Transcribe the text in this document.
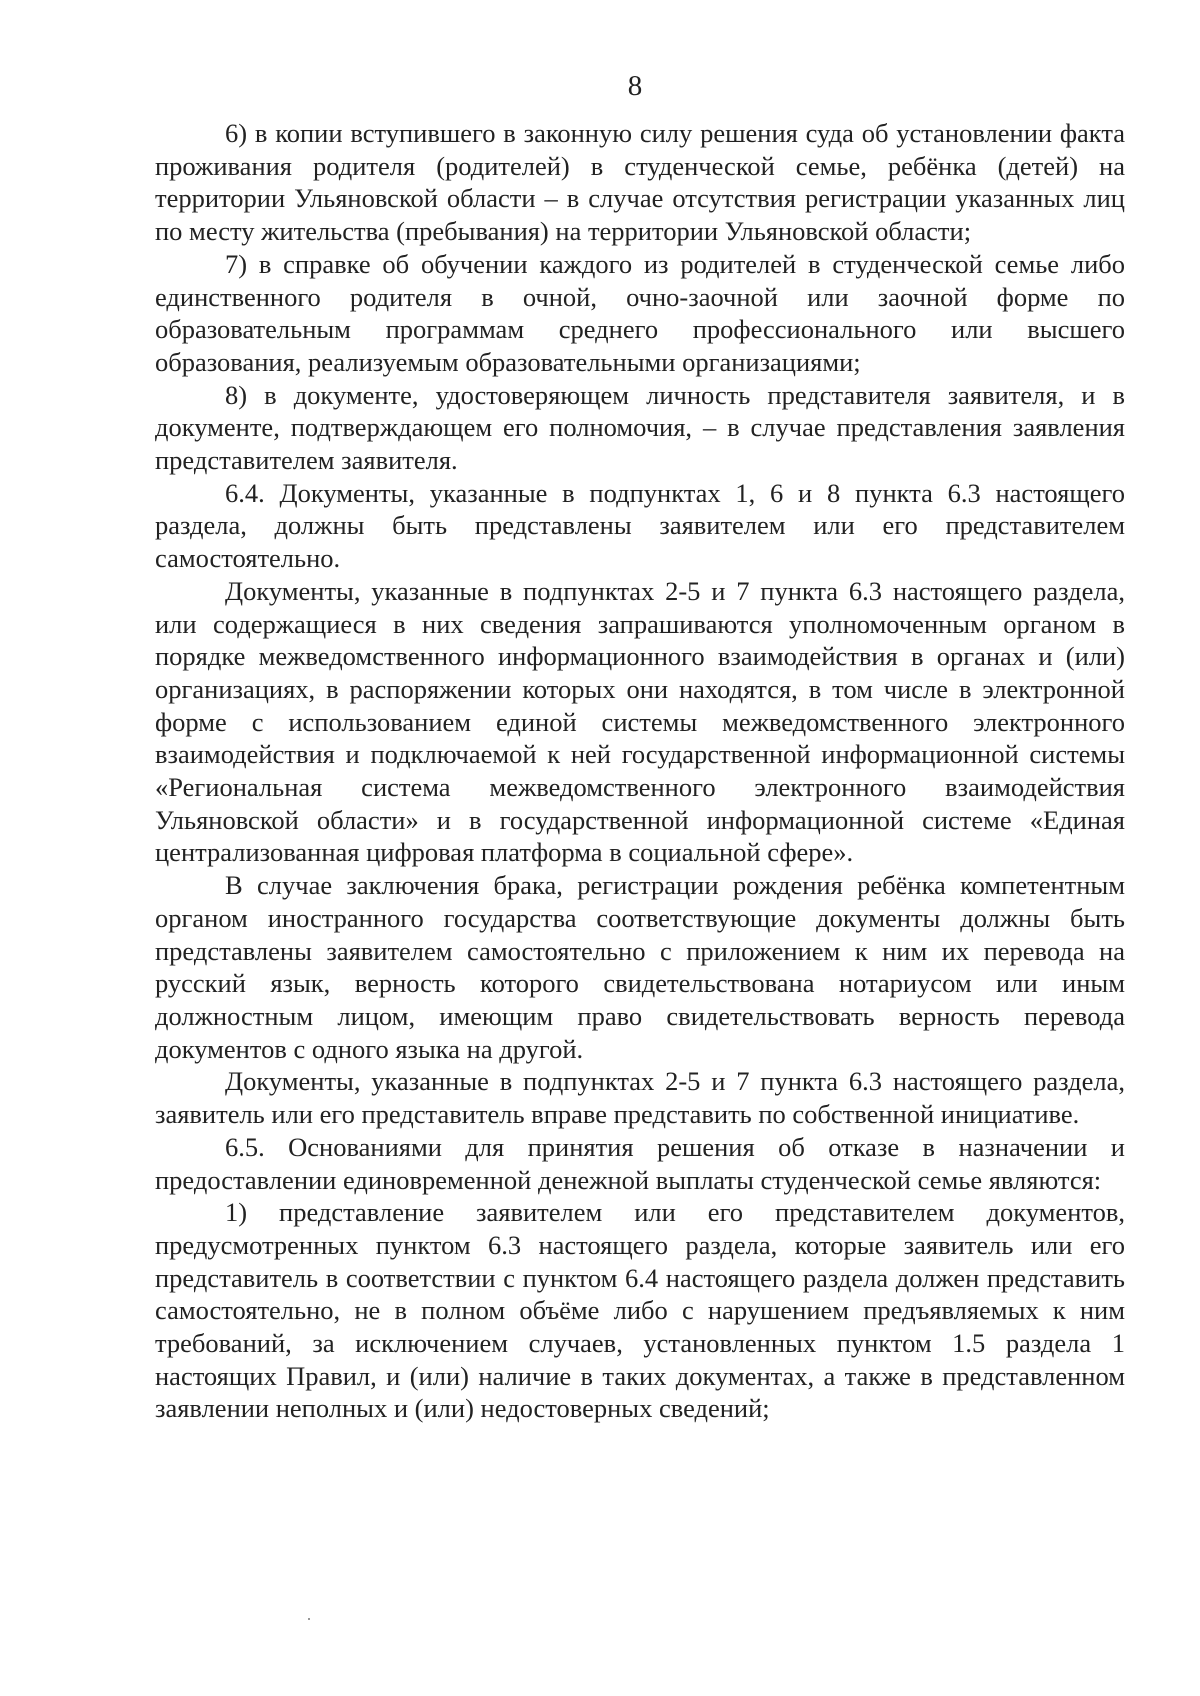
8

6) в копии вступившего в законную силу решения суда об установлении факта проживания родителя (родителей) в студенческой семье, ребёнка (детей) на территории Ульяновской области – в случае отсутствия регистрации указанных лиц по месту жительства (пребывания) на территории Ульяновской области;

7) в справке об обучении каждого из родителей в студенческой семье либо единственного родителя в очной, очно-заочной или заочной форме по образовательным программам среднего профессионального или высшего образования, реализуемым образовательными организациями;

8) в документе, удостоверяющем личность представителя заявителя, и в документе, подтверждающем его полномочия, – в случае представления заявления представителем заявителя.

6.4. Документы, указанные в подпунктах 1, 6 и 8 пункта 6.3 настоящего раздела, должны быть представлены заявителем или его представителем самостоятельно.

Документы, указанные в подпунктах 2-5 и 7 пункта 6.3 настоящего раздела, или содержащиеся в них сведения запрашиваются уполномоченным органом в порядке межведомственного информационного взаимодействия в органах и (или) организациях, в распоряжении которых они находятся, в том числе в электронной форме с использованием единой системы межведомственного электронного взаимодействия и подключаемой к ней государственной информационной системы «Региональная система межведомственного электронного взаимодействия Ульяновской области» и в государственной информационной системе «Единая централизованная цифровая платформа в социальной сфере».

В случае заключения брака, регистрации рождения ребёнка компетентным органом иностранного государства соответствующие документы должны быть представлены заявителем самостоятельно с приложением к ним их перевода на русский язык, верность которого свидетельствована нотариусом или иным должностным лицом, имеющим право свидетельствовать верность перевода документов с одного языка на другой.

Документы, указанные в подпунктах 2-5 и 7 пункта 6.3 настоящего раздела, заявитель или его представитель вправе представить по собственной инициативе.

6.5. Основаниями для принятия решения об отказе в назначении и предоставлении единовременной денежной выплаты студенческой семье являются:

1) представление заявителем или его представителем документов, предусмотренных пунктом 6.3 настоящего раздела, которые заявитель или его представитель в соответствии с пунктом 6.4 настоящего раздела должен представить самостоятельно, не в полном объёме либо с нарушением предъявляемых к ним требований, за исключением случаев, установленных пунктом 1.5 раздела 1 настоящих Правил, и (или) наличие в таких документах, а также в представленном заявлении неполных и (или) недостоверных сведений;
